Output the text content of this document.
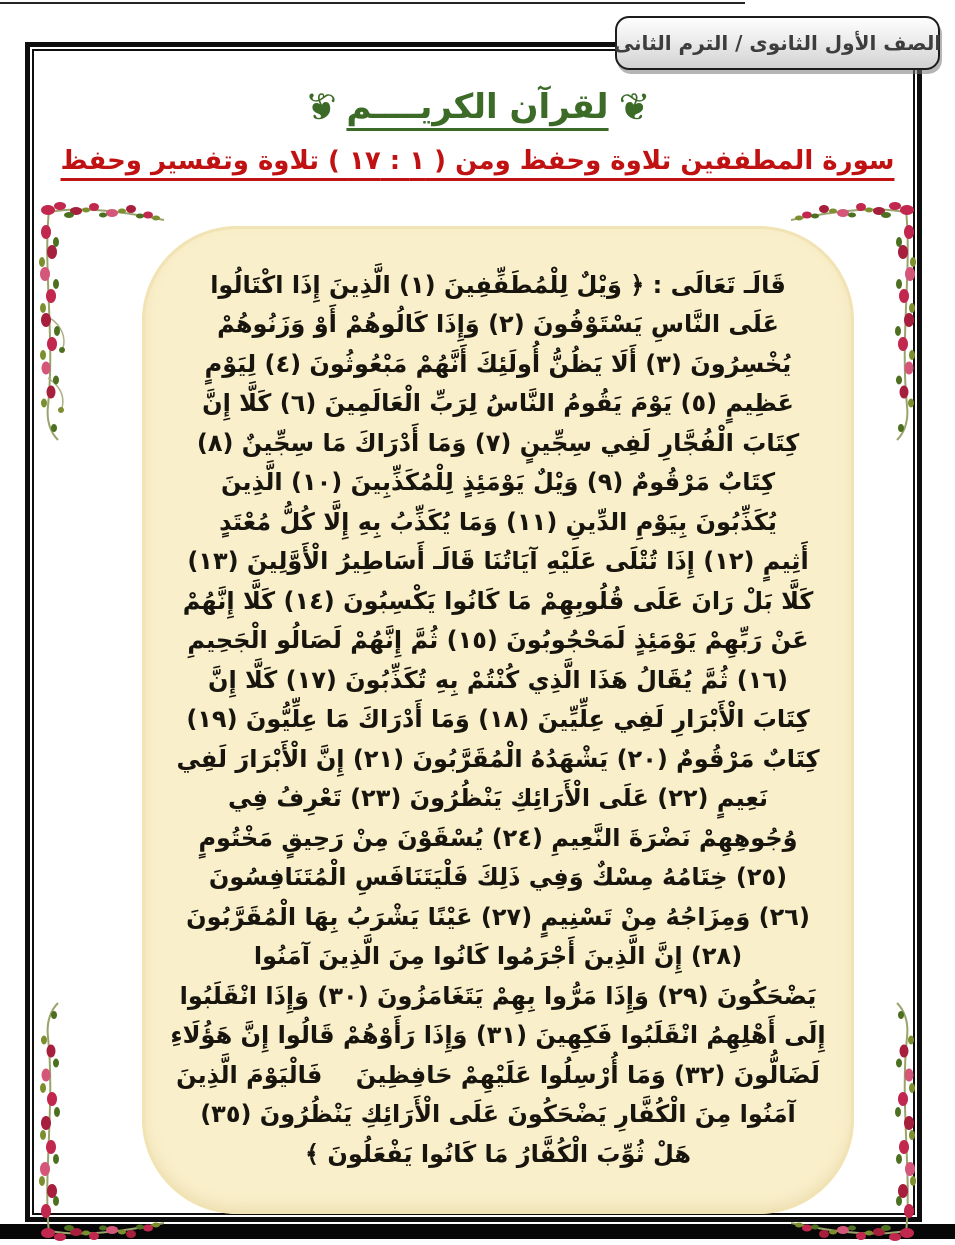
الصف الأول الثانوى / الترم الثانى
❦
لقرآن الكريــــم
❦
سورة المطففين تلاوة وحفظ ومن ( ١ : ١٧ ) تلاوة وتفسير وحفظ
قَالَـ تَعَالَى : ﴿ وَيْلٌ لِلْمُطَفِّفِينَ (١) الَّذِينَ إِذَا اكْتَالُوا
عَلَى النَّاسِ يَسْتَوْفُونَ (٢) وَإِذَا كَالُوهُمْ أَوْ وَزَنُوهُمْ
يُخْسِرُونَ (٣) أَلَا يَظُنُّ أُولَئِكَ أَنَّهُمْ مَبْعُوثُونَ (٤) لِيَوْمٍ
عَظِيمٍ (٥) يَوْمَ يَقُومُ النَّاسُ لِرَبِّ الْعَالَمِينَ (٦) كَلَّا إِنَّ
كِتَابَ الْفُجَّارِ لَفِي سِجِّينٍ (٧) وَمَا أَدْرَاكَ مَا سِجِّينٌ (٨)
كِتَابٌ مَرْقُومٌ (٩) وَيْلٌ يَوْمَئِذٍ لِلْمُكَذِّبِينَ (١٠) الَّذِينَ
يُكَذِّبُونَ بِيَوْمِ الدِّينِ (١١) وَمَا يُكَذِّبُ بِهِ إِلَّا كُلُّ مُعْتَدٍ
أَثِيمٍ (١٢) إِذَا تُتْلَى عَلَيْهِ آيَاتُنَا قَالَـ أَسَاطِيرُ الْأَوَّلِينَ (١٣)
كَلَّا بَلْ رَانَ عَلَى قُلُوبِهِمْ مَا كَانُوا يَكْسِبُونَ (١٤) كَلَّا إِنَّهُمْ
عَنْ رَبِّهِمْ يَوْمَئِذٍ لَمَحْجُوبُونَ (١٥) ثُمَّ إِنَّهُمْ لَصَالُو الْجَحِيمِ
(١٦) ثُمَّ يُقَالُ هَذَا الَّذِي كُنْتُمْ بِهِ تُكَذِّبُونَ (١٧) كَلَّا إِنَّ
كِتَابَ الْأَبْرَارِ لَفِي عِلِّيِّينَ (١٨) وَمَا أَدْرَاكَ مَا عِلِّيُّونَ (١٩)
كِتَابٌ مَرْقُومٌ (٢٠) يَشْهَدُهُ الْمُقَرَّبُونَ (٢١) إِنَّ الْأَبْرَارَ لَفِي
نَعِيمٍ (٢٢) عَلَى الْأَرَائِكِ يَنْظُرُونَ (٢٣) تَعْرِفُ فِي
وُجُوهِهِمْ نَضْرَةَ النَّعِيمِ (٢٤) يُسْقَوْنَ مِنْ رَحِيقٍ مَخْتُومٍ
(٢٥) خِتَامُهُ مِسْكٌ وَفِي ذَلِكَ فَلْيَتَنَافَسِ الْمُتَنَافِسُونَ
(٢٦) وَمِزَاجُهُ مِنْ تَسْنِيمٍ (٢٧) عَيْنًا يَشْرَبُ بِهَا الْمُقَرَّبُونَ
(٢٨) إِنَّ الَّذِينَ أَجْرَمُوا كَانُوا مِنَ الَّذِينَ آمَنُوا
يَضْحَكُونَ (٢٩) وَإِذَا مَرُّوا بِهِمْ يَتَغَامَزُونَ (٣٠) وَإِذَا انْقَلَبُوا
إِلَى أَهْلِهِمُ انْقَلَبُوا فَكِهِينَ (٣١) وَإِذَا رَأَوْهُمْ قَالُوا إِنَّ هَؤُلَاءِ
لَضَالُّونَ (٣٢) وَمَا أُرْسِلُوا عَلَيْهِمْ حَافِظِينَ    فَالْيَوْمَ الَّذِينَ
آمَنُوا مِنَ الْكُفَّارِ يَضْحَكُونَ عَلَى الْأَرَائِكِ يَنْظُرُونَ (٣٥)
هَلْ ثُوِّبَ الْكُفَّارُ مَا كَانُوا يَفْعَلُونَ ﴾
